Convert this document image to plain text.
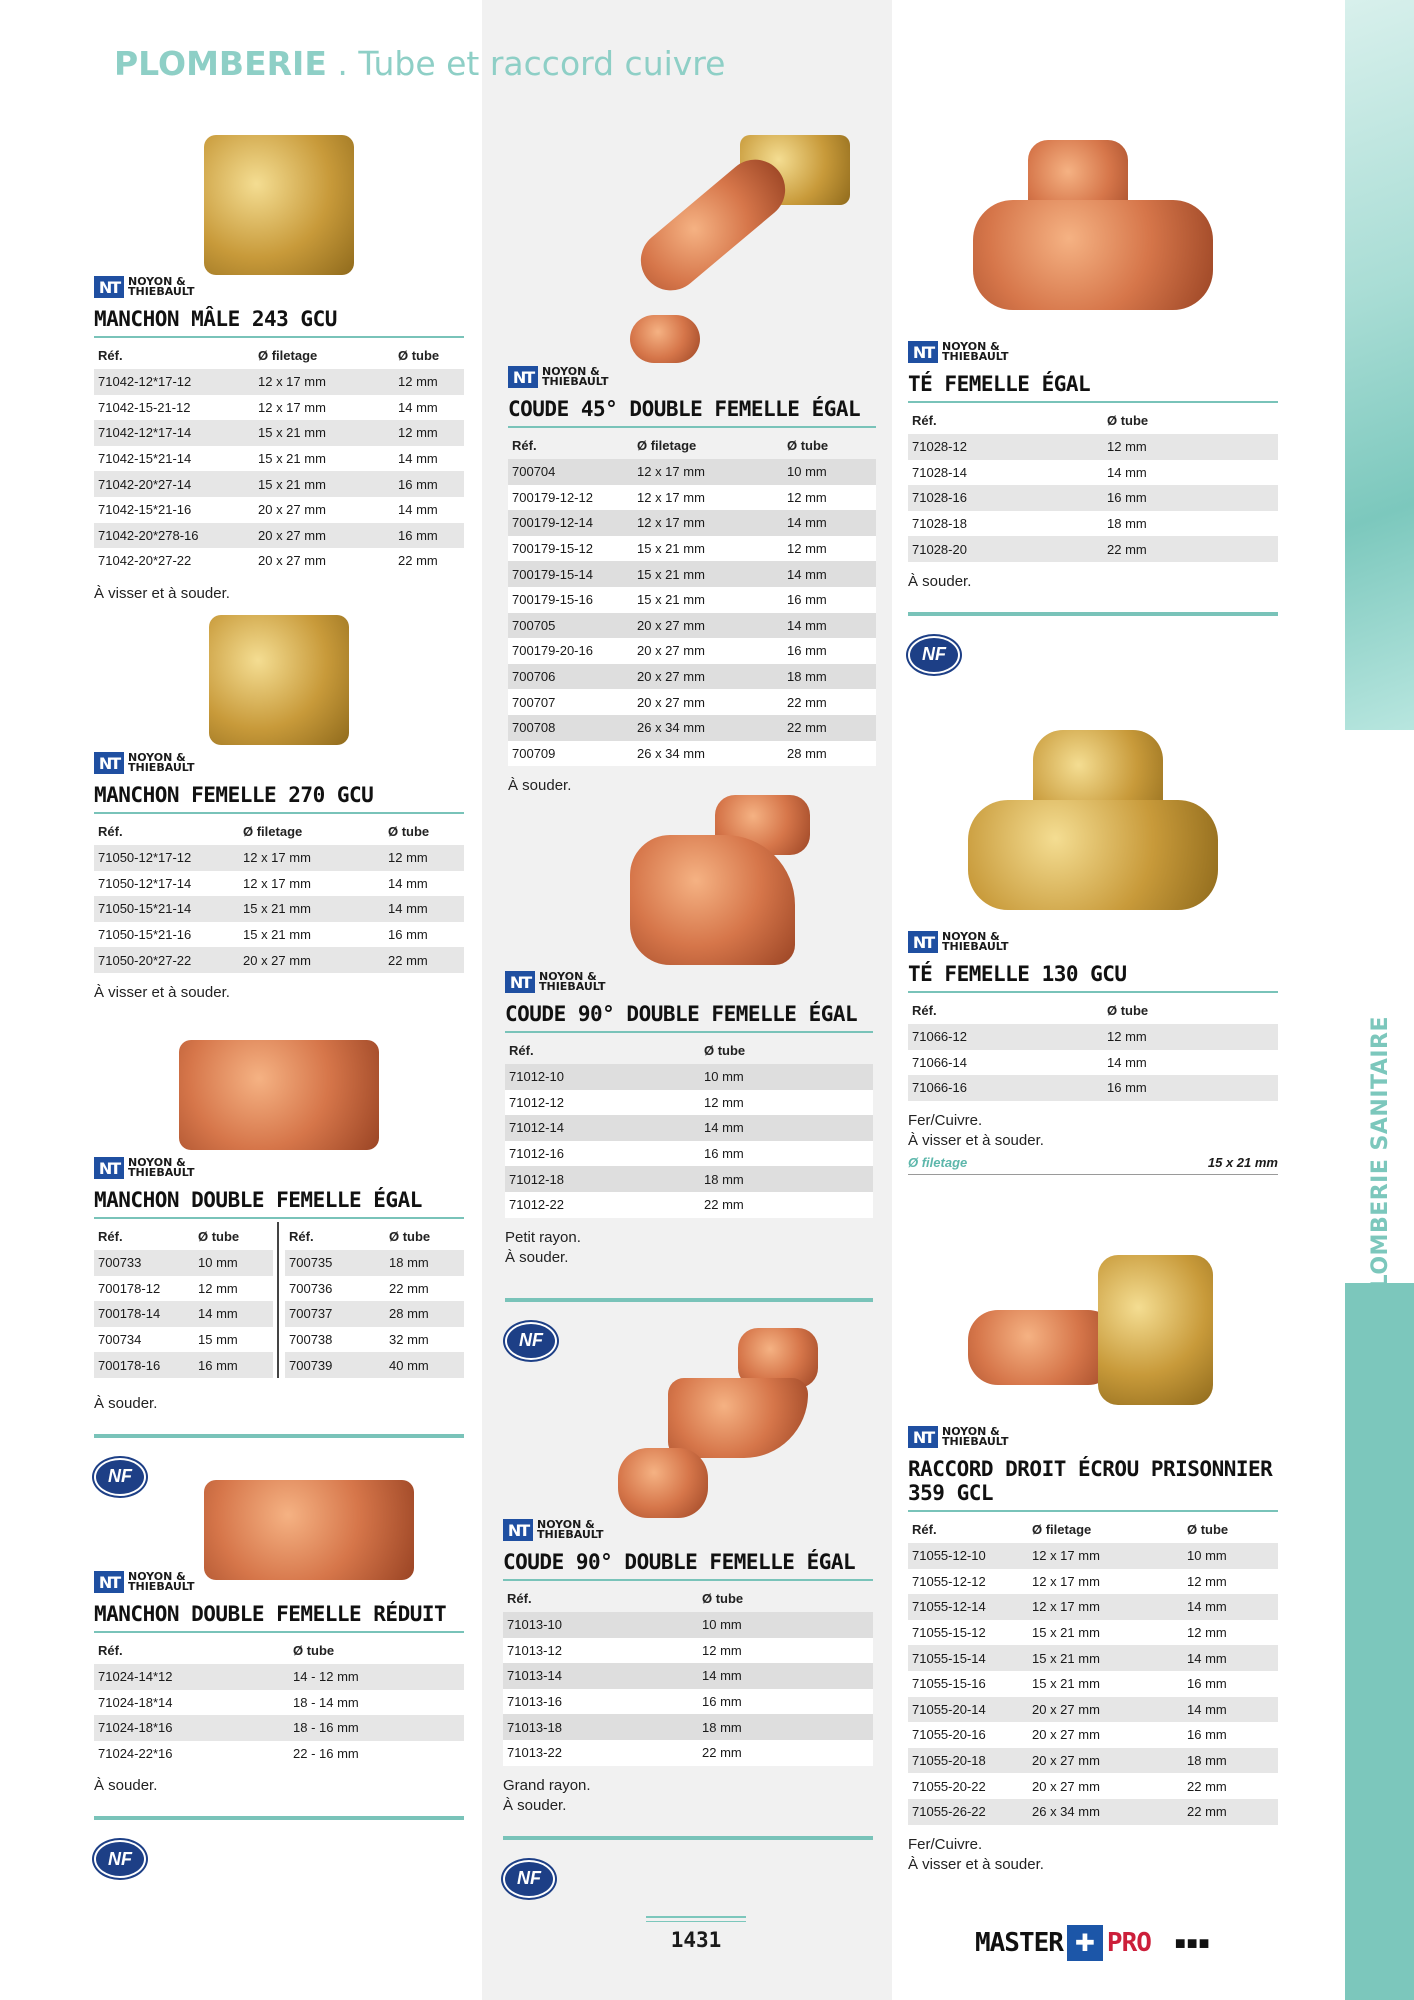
PLOMBERIE SANITAIRE
PLOMBERIE . Tube et raccord cuivre
NT NOYON &
THIEBAULT
MANCHON MÂLE 243 GCU
Réf.	Ø filetage	Ø tube
71042-12*17-12	12 x 17 mm	12 mm
71042-15-21-12	12 x 17 mm	14 mm
71042-12*17-14	15 x 21 mm	12 mm
71042-15*21-14	15 x 21 mm	14 mm
71042-20*27-14	15 x 21 mm	16 mm
71042-15*21-16	20 x 27 mm	14 mm
71042-20*278-16	20 x 27 mm	16 mm
71042-20*27-22	20 x 27 mm	22 mm
À visser et à souder.
NT NOYON &
THIEBAULT
MANCHON FEMELLE 270 GCU
Réf.	Ø filetage	Ø tube
71050-12*17-12	12 x 17 mm	12 mm
71050-12*17-14	12 x 17 mm	14 mm
71050-15*21-14	15 x 21 mm	14 mm
71050-15*21-16	15 x 21 mm	16 mm
71050-20*27-22	20 x 27 mm	22 mm
À visser et à souder.
NT NOYON &
THIEBAULT
MANCHON DOUBLE FEMELLE ÉGAL
Réf.	Ø tube
700733	10 mm
700178-12	12 mm
700178-14	14 mm
700734	15 mm
700178-16	16 mm
Réf.	Ø tube
700735	18 mm
700736	22 mm
700737	28 mm
700738	32 mm
700739	40 mm
À souder.
NF
NT NOYON &
THIEBAULT
MANCHON DOUBLE FEMELLE RÉDUIT
Réf.	Ø tube
71024-14*12	14 - 12 mm
71024-18*14	18 - 14 mm
71024-18*16	18 - 16 mm
71024-22*16	22 - 16 mm
À souder.
NF
NT NOYON &
THIEBAULT
COUDE 45° DOUBLE FEMELLE ÉGAL
Réf.	Ø filetage	Ø tube
700704	12 x 17 mm	10 mm
700179-12-12	12 x 17 mm	12 mm
700179-12-14	12 x 17 mm	14 mm
700179-15-12	15 x 21 mm	12 mm
700179-15-14	15 x 21 mm	14 mm
700179-15-16	15 x 21 mm	16 mm
700705	20 x 27 mm	14 mm
700179-20-16	20 x 27 mm	16 mm
700706	20 x 27 mm	18 mm
700707	20 x 27 mm	22 mm
700708	26 x 34 mm	22 mm
700709	26 x 34 mm	28 mm
À souder.
NT NOYON &
THIEBAULT
COUDE 90° DOUBLE FEMELLE ÉGAL
Réf.	Ø tube
71012-10	10 mm
71012-12	12 mm
71012-14	14 mm
71012-16	16 mm
71012-18	18 mm
71012-22	22 mm
Petit rayon.
À souder.
NF
NT NOYON &
THIEBAULT
COUDE 90° DOUBLE FEMELLE ÉGAL
Réf.	Ø tube
71013-10	10 mm
71013-12	12 mm
71013-14	14 mm
71013-16	16 mm
71013-18	18 mm
71013-22	22 mm
Grand rayon.
À souder.
NF
NT NOYON &
THIEBAULT
TÉ FEMELLE ÉGAL
Réf.	Ø tube
71028-12	12 mm
71028-14	14 mm
71028-16	16 mm
71028-18	18 mm
71028-20	22 mm
À souder.
NF
NT NOYON &
THIEBAULT
TÉ FEMELLE 130 GCU
Réf.	Ø tube
71066-12	12 mm
71066-14	14 mm
71066-16	16 mm
Fer/Cuivre.
À visser et à souder.
Ø filetage	15 x 21 mm
NT NOYON &
THIEBAULT
RACCORD DROIT ÉCROU PRISONNIER 359 GCL
Réf.	Ø filetage	Ø tube
71055-12-10	12 x 17 mm	10 mm
71055-12-12	12 x 17 mm	12 mm
71055-12-14	12 x 17 mm	14 mm
71055-15-12	15 x 21 mm	12 mm
71055-15-14	15 x 21 mm	14 mm
71055-15-16	15 x 21 mm	16 mm
71055-20-14	20 x 27 mm	14 mm
71055-20-16	20 x 27 mm	16 mm
71055-20-18	20 x 27 mm	18 mm
71055-20-22	20 x 27 mm	22 mm
71055-26-22	26 x 34 mm	22 mm
Fer/Cuivre.
À visser et à souder.
1431	MASTER ✚ PRO ■■■
